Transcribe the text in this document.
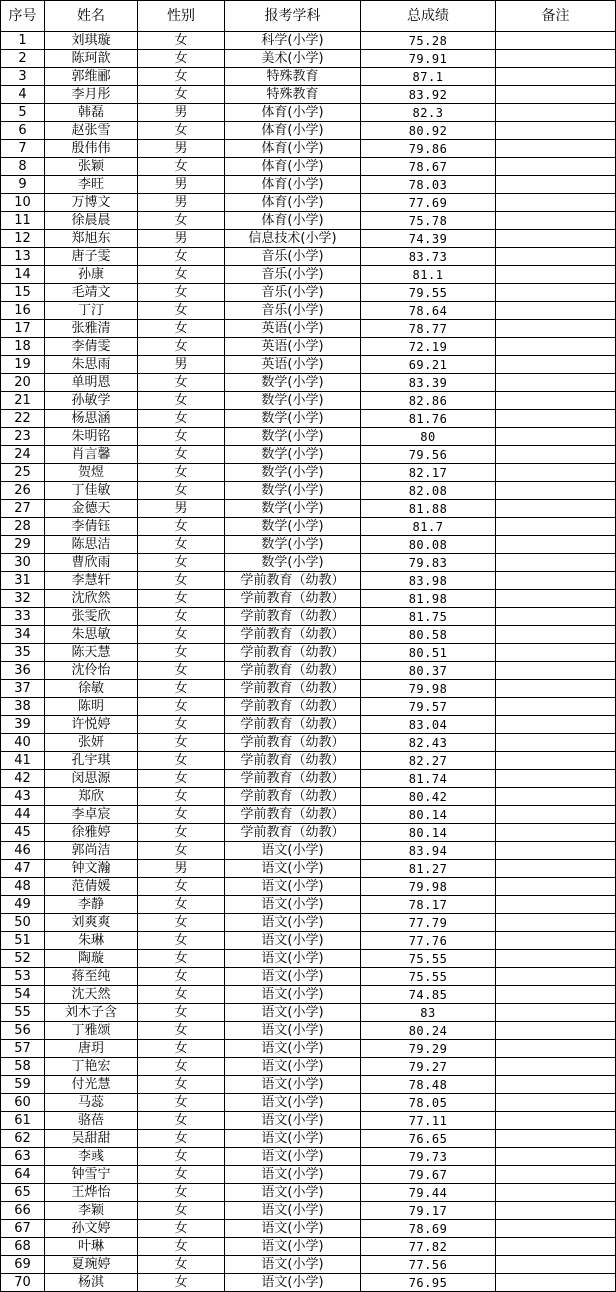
序号	姓名	性别	报考学科	总成绩	备注
1	刘琪璇	女	科学(小学)	75.28	
2	陈珂歆	女	美术(小学)	79.91	
3	郭维郦	女	特殊教育	87.1	
4	李月彤	女	特殊教育	83.92	
5	韩磊	男	体育(小学)	82.3	
6	赵张雪	女	体育(小学)	80.92	
7	殷伟伟	男	体育(小学)	79.86	
8	张颖	女	体育(小学)	78.67	
9	李旺	男	体育(小学)	78.03	
10	万博文	男	体育(小学)	77.69	
11	徐晨晨	女	体育(小学)	75.78	
12	郑旭东	男	信息技术(小学)	74.39	
13	唐子雯	女	音乐(小学)	83.73	
14	孙康	女	音乐(小学)	81.1	
15	毛靖文	女	音乐(小学)	79.55	
16	丁汀	女	音乐(小学)	78.64	
17	张雅清	女	英语(小学)	78.77	
18	李倩雯	女	英语(小学)	72.19	
19	朱思雨	男	英语(小学)	69.21	
20	单明恩	女	数学(小学)	83.39	
21	孙敏学	女	数学(小学)	82.86	
22	杨思涵	女	数学(小学)	81.76	
23	朱明铭	女	数学(小学)	80	
24	肖言馨	女	数学(小学)	79.56	
25	贺煜	女	数学(小学)	82.17	
26	丁佳敏	女	数学(小学)	82.08	
27	金德天	男	数学(小学)	81.88	
28	李倩钰	女	数学(小学)	81.7	
29	陈思洁	女	数学(小学)	80.08	
30	曹欣雨	女	数学(小学)	79.83	
31	李慧轩	女	学前教育（幼教）	83.98	
32	沈欣然	女	学前教育（幼教）	81.98	
33	张雯欣	女	学前教育（幼教）	81.75	
34	朱思敏	女	学前教育（幼教）	80.58	
35	陈天慧	女	学前教育（幼教）	80.51	
36	沈伶怡	女	学前教育（幼教）	80.37	
37	徐敏	女	学前教育（幼教）	79.98	
38	陈明	女	学前教育（幼教）	79.57	
39	许悦婷	女	学前教育（幼教）	83.04	
40	张妍	女	学前教育（幼教）	82.43	
41	孔宇琪	女	学前教育（幼教）	82.27	
42	闵思源	女	学前教育（幼教）	81.74	
43	郑欣	女	学前教育（幼教）	80.42	
44	李卓宸	女	学前教育（幼教）	80.14	
45	徐雅婷	女	学前教育（幼教）	80.14	
46	郭尚洁	女	语文(小学)	83.94	
47	钟文瀚	男	语文(小学)	81.27	
48	范倩媛	女	语文(小学)	79.98	
49	李静	女	语文(小学)	78.17	
50	刘爽爽	女	语文(小学)	77.79	
51	朱琳	女	语文(小学)	77.76	
52	陶璇	女	语文(小学)	75.55	
53	蒋至纯	女	语文(小学)	75.55	
54	沈天然	女	语文(小学)	74.85	
55	刘木子含	女	语文(小学)	83	
56	丁雅颂	女	语文(小学)	80.24	
57	唐玥	女	语文(小学)	79.29	
58	丁艳宏	女	语文(小学)	79.27	
59	付光慧	女	语文(小学)	78.48	
60	马蕊	女	语文(小学)	78.05	
61	骆蓓	女	语文(小学)	77.11	
62	吴甜甜	女	语文(小学)	76.65	
63	李彧	女	语文(小学)	79.73	
64	钟雪宁	女	语文(小学)	79.67	
65	王烨怡	女	语文(小学)	79.44	
66	李颖	女	语文(小学)	79.17	
67	孙文婷	女	语文(小学)	78.69	
68	叶琳	女	语文(小学)	77.82	
69	夏琬婷	女	语文(小学)	77.56	
70	杨淇	女	语文(小学)	76.95	
